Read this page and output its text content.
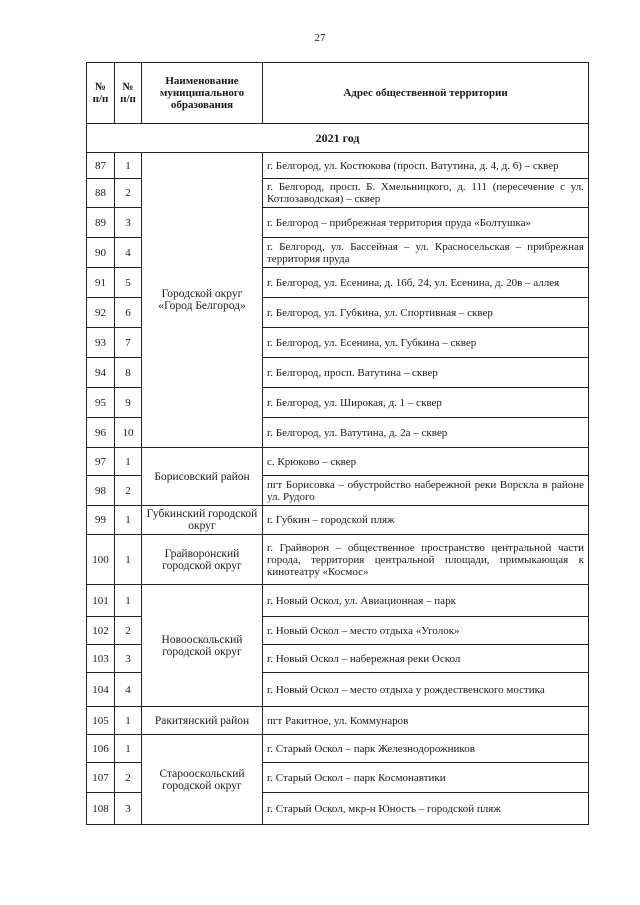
27
№ п/п	№ п/п	Наименование муниципального образования	Адрес общественной территории
2021 год			
87	1	Городской округ «Город Белгород»	г. Белгород, ул. Костюкова (просп. Ватутина, д. 4, д. 6) – сквер
88	2		г. Белгород, просп. Б. Хмельницкого, д. 111 (пересечение с ул. Котлозаводская) – сквер
89	3		г. Белгород – прибрежная территория пруда «Болтушка»
90	4		г. Белгород, ул. Бассейная – ул. Красносельская – прибрежная территория пруда
91	5		г. Белгород, ул. Есенина, д. 16б, 24, ул. Есенина, д. 20в – аллея
92	6		г. Белгород, ул. Губкина, ул. Спортивная – сквер
93	7		г. Белгород, ул. Есенина, ул. Губкина – сквер
94	8		г. Белгород, просп. Ватутина – сквер
95	9		г. Белгород, ул. Широкая, д. 1 – сквер
96	10		г. Белгород, ул. Ватутина, д. 2а – сквер
97	1	Борисовский район	с. Крюково – сквер
98	2		пгт Борисовка – обустройство набережной реки Ворскла в районе ул. Рудого
99	1	Губкинский городской округ	г. Губкин – городской пляж
100	1	Грайворонский городской округ	г. Грайворон – общественное пространство центральной части города, территория центральной площади, примыкающая к кинотеатру «Космос»
101	1	Новооскольский городской округ	г. Новый Оскол, ул. Авиационная – парк
102	2		г. Новый Оскол – место отдыха «Уголок»
103	3		г. Новый Оскол – набережная реки Оскол
104	4		г. Новый Оскол – место отдыха у рождественского мостика
105	1	Ракитянский район	пгт Ракитное, ул. Коммунаров
106	1	Старооскольский городской округ	г. Старый Оскол – парк Железнодорожников
107	2		г. Старый Оскол – парк Космонавтики
108	3		г. Старый Оскол, мкр-н Юность – городской пляж
